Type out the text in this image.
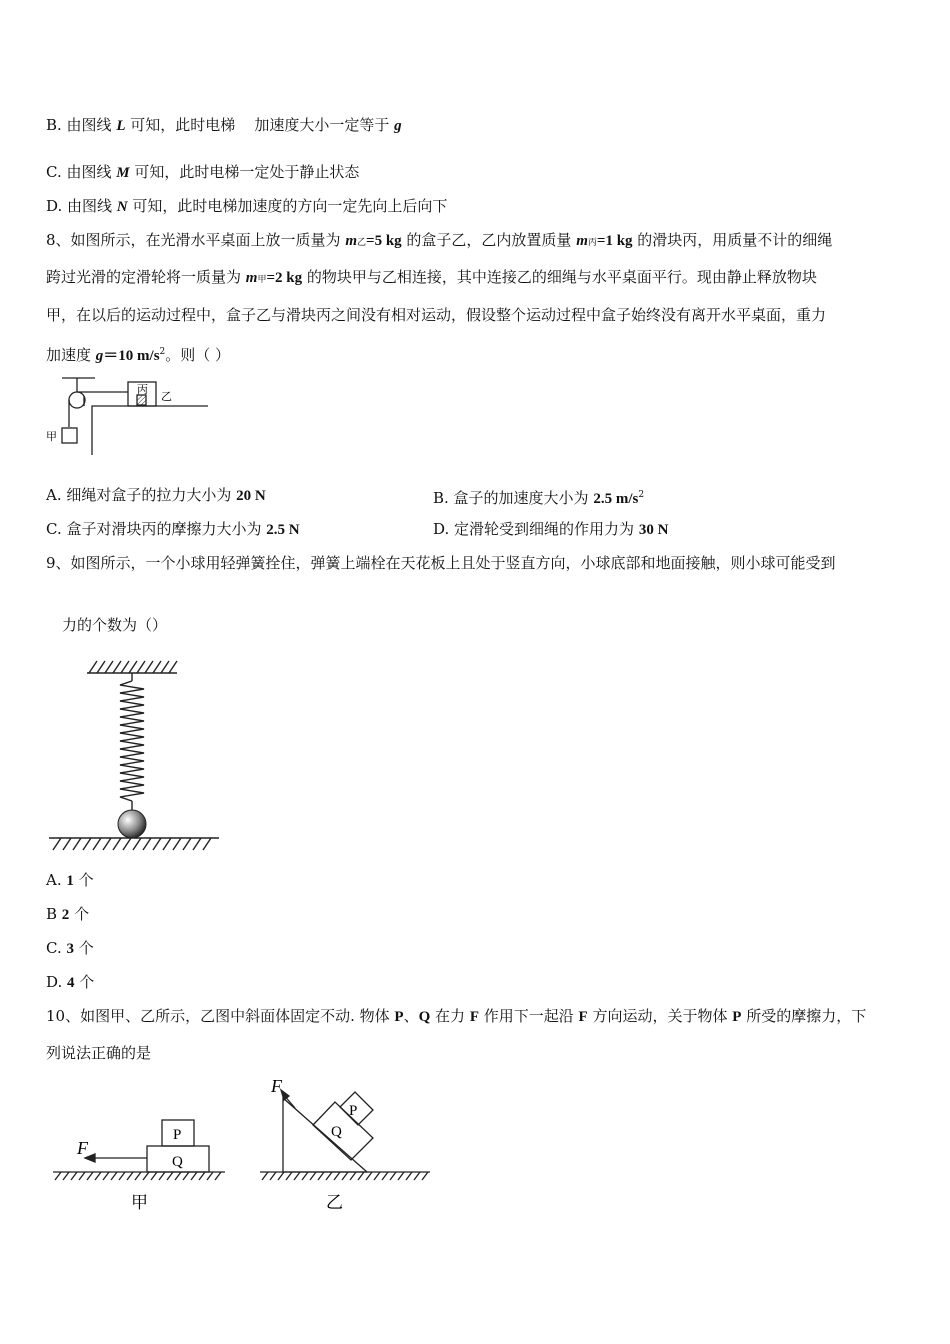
B. 由图线 L 可知，此时电梯    加速度大小一定等于 g
C. 由图线 M 可知，此时电梯一定处于静止状态
D. 由图线 N 可知，此时电梯加速度的方向一定先向上后向下
8、如图所示，在光滑水平桌面上放一质量为 m乙=5 kg 的盒子乙，乙内放置质量 m丙=1 kg 的滑块丙，用质量不计的细绳
跨过光滑的定滑轮将一质量为 m甲=2 kg 的物块甲与乙相连接，其中连接乙的细绳与水平桌面平行。现由静止释放物块
甲，在以后的运动过程中，盒子乙与滑块丙之间没有相对运动，假设整个运动过程中盒子始终没有离开水平桌面，重力
加速度 g＝10 $m/s^2$。则（ ）
丙
乙
甲
A. 细绳对盒子的拉力大小为 20 N	B. 盒子的加速度大小为 2.5 $m/s^2$
C. 盒子对滑块丙的摩擦力大小为 2.5 N	D. 定滑轮受到细绳的作用力为 30 N
9、如图所示，一个小球用轻弹簧拴住，弹簧上端栓在天花板上且处于竖直方向，小球底部和地面接触，则小球可能受到
力的个数为（）
A. 1 个
B 2 个
C. 3 个
D. 4 个
10、如图甲、乙所示，乙图中斜面体固定不动. 物体 P、Q 在力 F 作用下一起沿 F 方向运动，关于物体 P 所受的摩擦力，下
列说法正确的是
F
P
Q
甲
F
P
Q
乙
